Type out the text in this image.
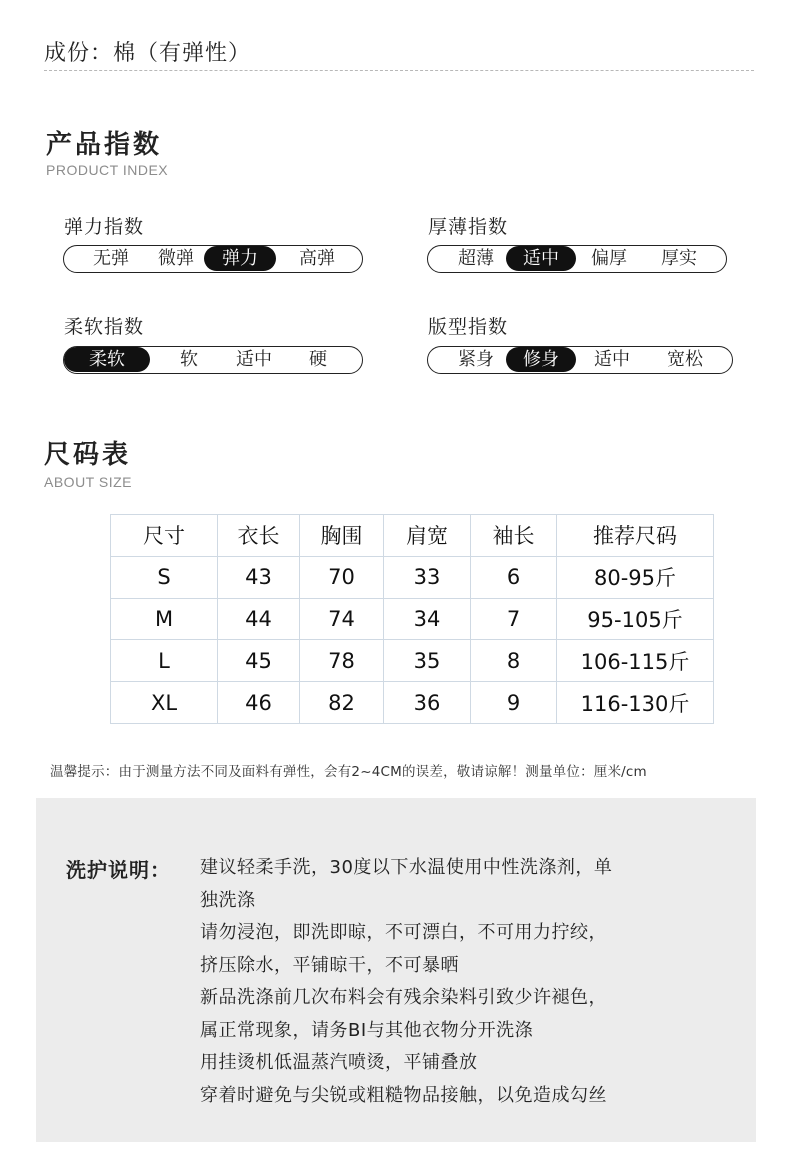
成份：棉（有弹性）
产品指数
PRODUCT INDEX
弹力指数
无弹	微弹	弹力	高弹
厚薄指数
超薄	适中	偏厚	厚实
柔软指数
柔软	软	适中	硬
版型指数
紧身	修身	适中	宽松
尺码表
ABOUT SIZE
尺寸	衣长	胸围	肩宽	袖长	推荐尺码
S	43	70	33	6	80-95斤
M	44	74	34	7	95-105斤
L	45	78	35	8	106-115斤
XL	46	82	36	9	116-130斤
温馨提示：由于测量方法不同及面料有弹性，会有2~4CM的误差，敬请谅解！测量单位：厘米/cm
洗护说明： 建议轻柔手洗，30度以下水温使用中性洗涤剂，单
独洗涤
请勿浸泡，即洗即晾，不可漂白，不可用力拧绞，
挤压除水，平铺晾干，不可暴晒
新品洗涤前几次布料会有残余染料引致少许褪色，
属正常现象，请务BI与其他衣物分开洗涤
用挂烫机低温蒸汽喷烫，平铺叠放
穿着时避免与尖锐或粗糙物品接触，以免造成勾丝
